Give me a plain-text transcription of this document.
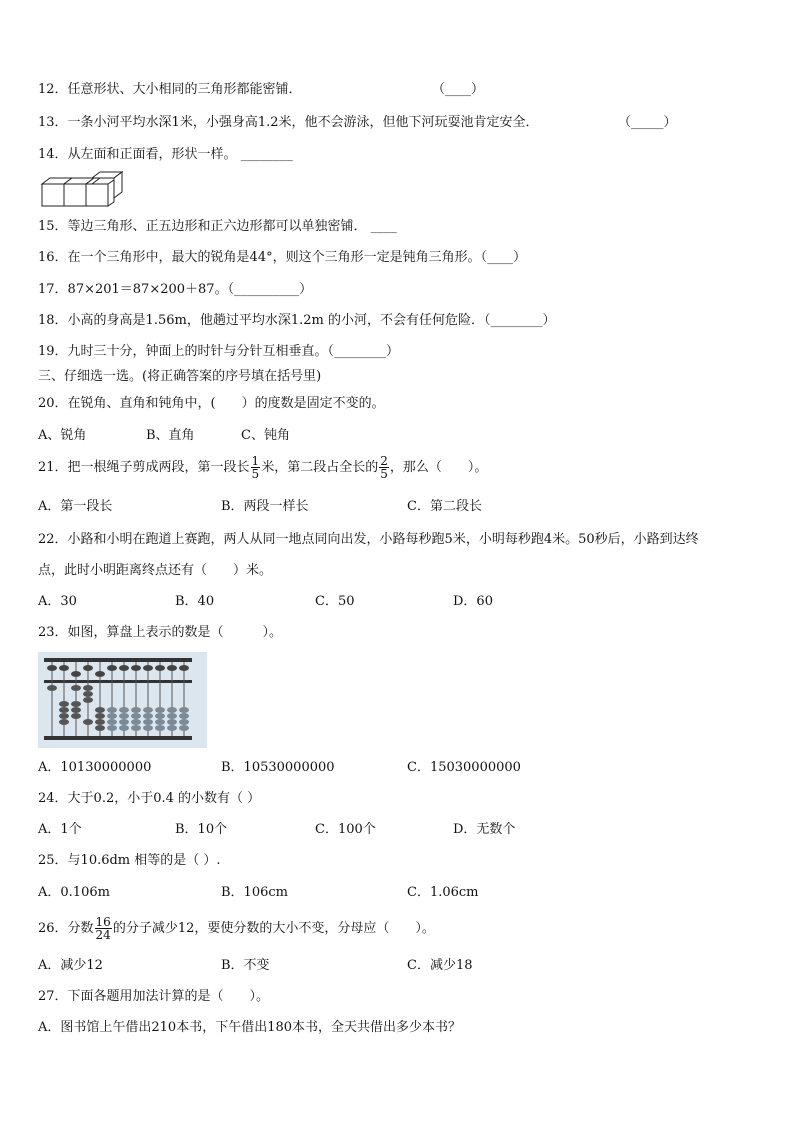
12．任意形状、大小相同的三角形都能密铺．	（____）
13．一条小河平均水深1米，小强身高1.2米，他不会游泳，但他下河玩耍池肯定安全．	（_____）
14．从左面和正面看，形状一样。 ________
15．等边三角形、正五边形和正六边形都可以单独密铺． ____
16．在一个三角形中，最大的锐角是44°，则这个三角形一定是钝角三角形。（____）
17．87×201＝87×200＋87。（__________）
18．小高的身高是1.56m，他趟过平均水深1.2m 的小河，不会有任何危险．（________）
19．九时三十分，钟面上的时针与分针互相垂直。（________）
三、仔细选一选。(将正确答案的序号填在括号里)
20．在锐角、直角和钝角中，(　　）的度数是固定不变的。
A、锐角	B、直角	C、钝角
21．把一根绳子剪成两段，第一段长 $\frac{1}{5}$ 米，第二段占全长的 $\frac{2}{5}$ ，那么（　　）。
A．第一段长	B．两段一样长	C．第二段长
22．小路和小明在跑道上赛跑，两人从同一地点同向出发，小路每秒跑5米，小明每秒跑4米。50秒后，小路到达终
点，此时小明距离终点还有（　　）米。
A．30	B．40	C．50	D．60
23．如图，算盘上表示的数是（　　　）。
A．10130000000	B．10530000000	C．15030000000
24．大于0.2，小于0.4 的小数有（ ）
A．1个	B．10个	C．100个	D．无数个
25．与10.6dm 相等的是（ ）.
A．0.106m	B．106cm	C．1.06cm
26．分数 $\frac{16}{24}$ 的分子减少12，要使分数的大小不变，分母应（　　）。
A．减少12	B．不变	C．减少18
27．下面各题用加法计算的是（　　）。
A．图书馆上午借出210本书，下午借出180本书，全天共借出多少本书？
